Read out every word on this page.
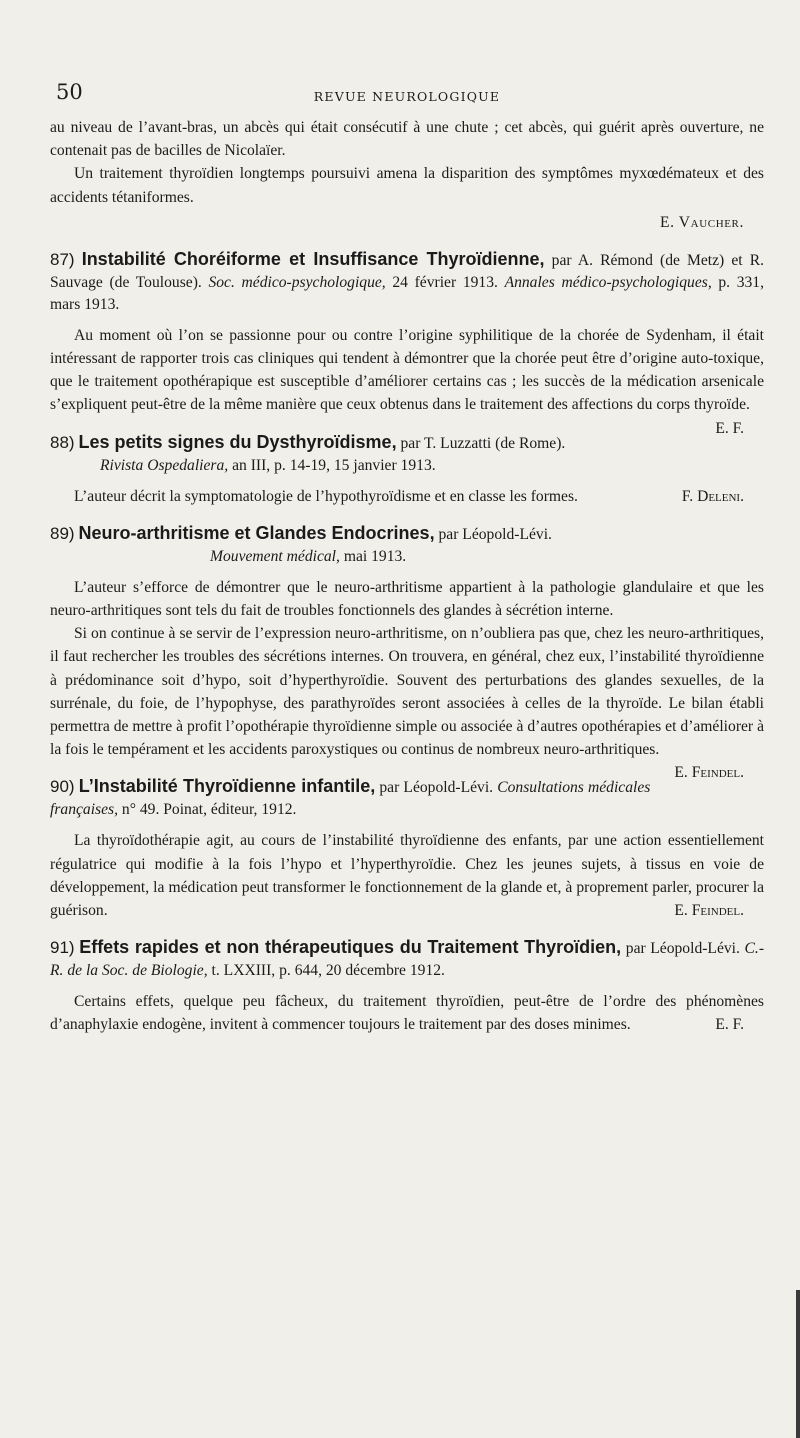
50	REVUE NEUROLOGIQUE

au niveau de l’avant-bras, un abcès qui était consécutif à une chute ; cet abcès, qui guérit après ouverture, ne contenait pas de bacilles de Nicolaïer.

Un traitement thyroïdien longtemps poursuivi amena la disparition des symptômes myxœdémateux et des accidents tétaniformes.

E. Vaucher.
87) Instabilité Choréiforme et Insuffisance Thyroïdienne, par A. Rémond (de Metz) et R. Sauvage (de Toulouse). Soc. médico-psychologique, 24 février 1913. Annales médico-psychologiques, p. 331, mars 1913.

Au moment où l’on se passionne pour ou contre l’origine syphilitique de la chorée de Sydenham, il était intéressant de rapporter trois cas cliniques qui tendent à démontrer que la chorée peut être d’origine auto-toxique, que le traitement opothérapique est susceptible d’améliorer certains cas ; les succès de la médication arsenicale s’expliquent peut-être de la même manière que ceux obtenus dans le traitement des affections du corps thyroïde.
E. F.

88) Les petits signes du Dysthyroïdisme, par T. Luzzatti (de Rome).
Rivista Ospedaliera, an III, p. 14-19, 15 janvier 1913.

L’auteur décrit la symptomatologie de l’hypothyroïdisme et en classe les formes.	F. Deleni.

89) Neuro-arthritisme et Glandes Endocrines, par Léopold-Lévi.
Mouvement médical, mai 1913.

L’auteur s’efforce de démontrer que le neuro-arthritisme appartient à la pathologie glandulaire et que les neuro-arthritiques sont tels du fait de troubles fonctionnels des glandes à sécrétion interne.

Si on continue à se servir de l’expression neuro-arthritisme, on n’oubliera pas que, chez les neuro-arthritiques, il faut rechercher les troubles des sécrétions internes. On trouvera, en général, chez eux, l’instabilité thyroïdienne à prédominance soit d’hypo, soit d’hyperthyroïdie. Souvent des perturbations des glandes sexuelles, de la surrénale, du foie, de l’hypophyse, des parathyroïdes seront associées à celles de la thyroïde. Le bilan établi permettra de mettre à profit l’opothérapie thyroïdienne simple ou associée à d’autres opothérapies et d’améliorer à la fois le tempérament et les accidents paroxystiques ou continus de nombreux neuro-arthritiques.
E. Feindel.

90) L’Instabilité Thyroïdienne infantile, par Léopold-Lévi. Consultations médicales françaises, n° 49. Poinat, éditeur, 1912.

La thyroïdothérapie agit, au cours de l’instabilité thyroïdienne des enfants, par une action essentiellement régulatrice qui modifie à la fois l’hypo et l’hyperthyroïdie. Chez les jeunes sujets, à tissus en voie de développement, la médication peut transformer le fonctionnement de la glande et, à proprement parler, procurer la guérison.	E. Feindel.

91) Effets rapides et non thérapeutiques du Traitement Thyroïdien, par Léopold-Lévi. C.-R. de la Soc. de Biologie, t. LXXIII, p. 644, 20 décembre 1912.

Certains effets, quelque peu fâcheux, du traitement thyroïdien, peut-être de l’ordre des phénomènes d’anaphylaxie endogène, invitent à commencer toujours le traitement par des doses minimes.	E. F.
